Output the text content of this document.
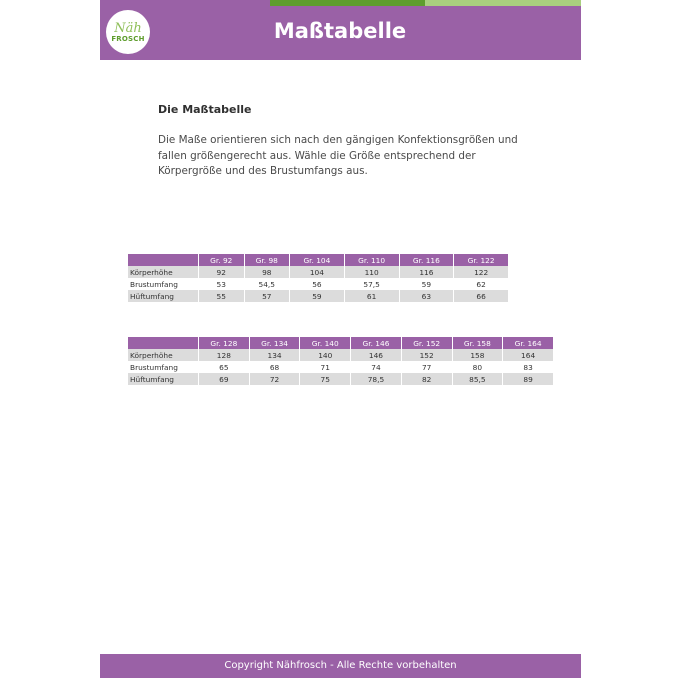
Näh
FROSCH	Maßtabelle
Die Maßtabelle
Die Maße orientieren sich nach den gängigen Konfektionsgrößen und fallen größengerecht aus. Wähle die Größe entsprechend der Körpergröße und des Brustumfangs aus.
	Gr. 92	Gr. 98	Gr. 104	Gr. 110	Gr. 116	Gr. 122
Körperhöhe	92	98	104	110	116	122
Brustumfang	53	54,5	56	57,5	59	62
Hüftumfang	55	57	59	61	63	66
	Gr. 128	Gr. 134	Gr. 140	Gr. 146	Gr. 152	Gr. 158	Gr. 164
Körperhöhe	128	134	140	146	152	158	164
Brustumfang	65	68	71	74	77	80	83
Hüftumfang	69	72	75	78,5	82	85,5	89
Copyright Nähfrosch - Alle Rechte vorbehalten
